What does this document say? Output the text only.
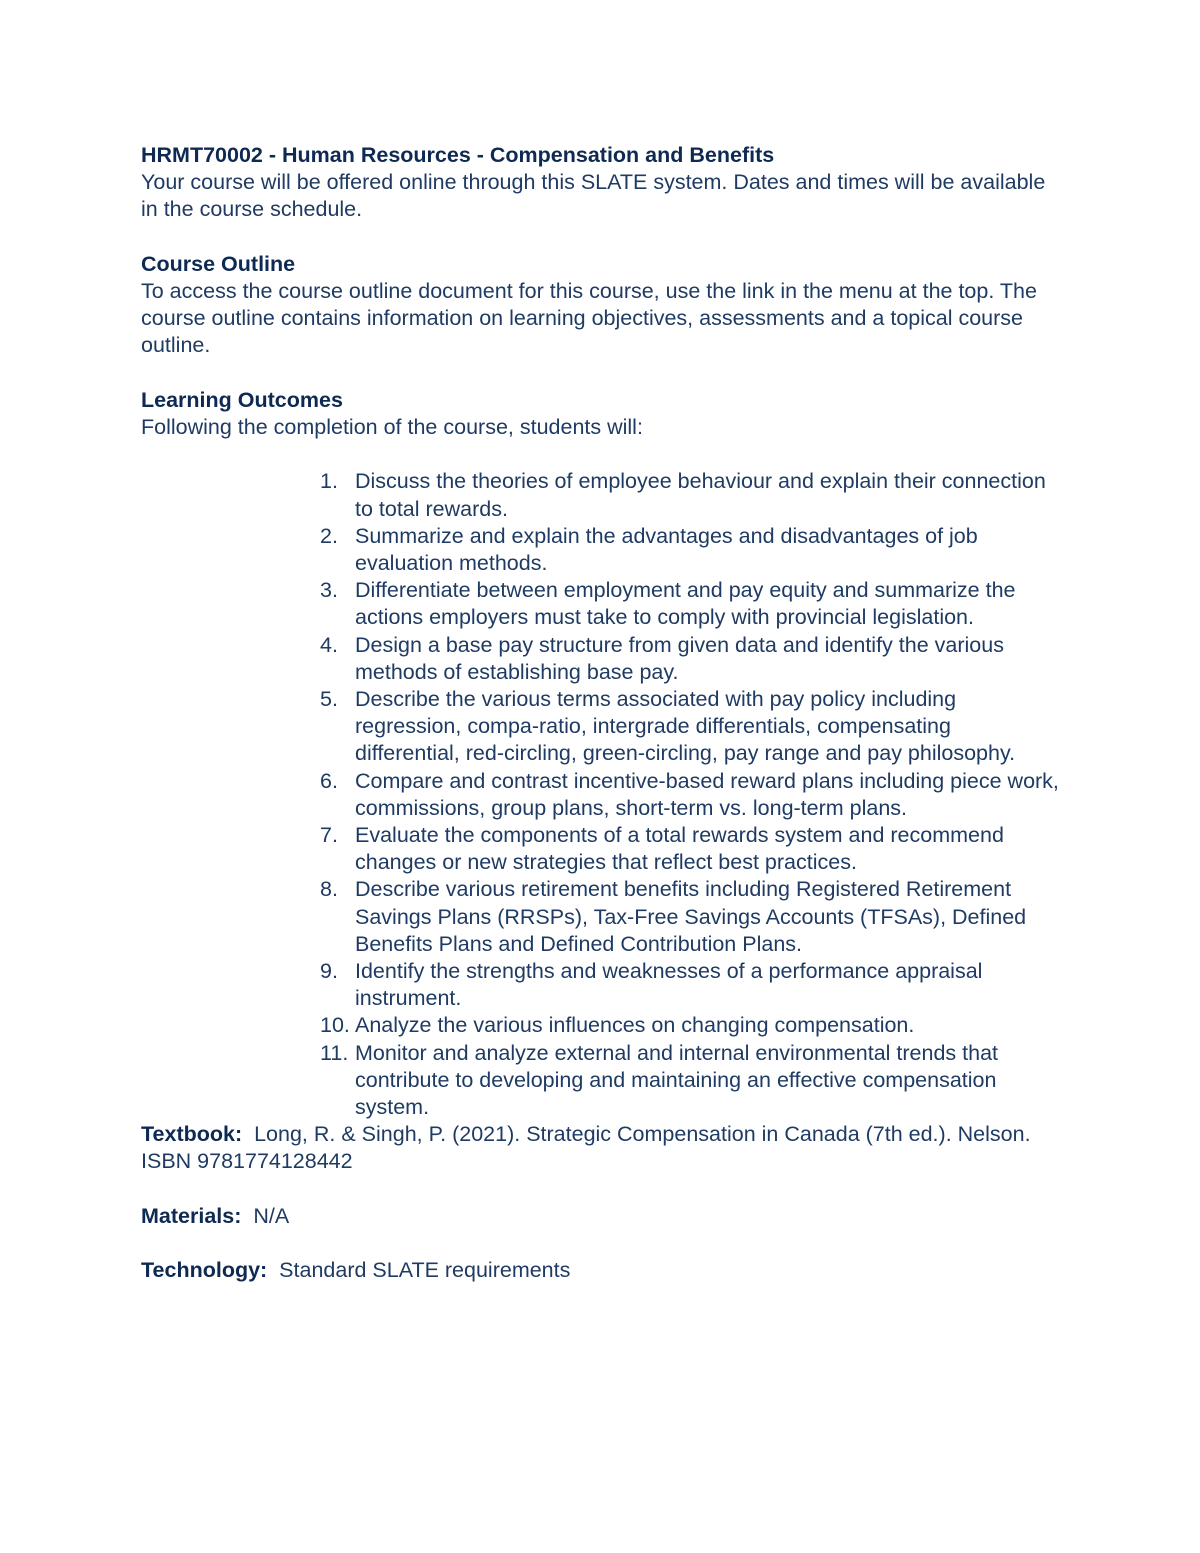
HRMT70002 - Human Resources - Compensation and Benefits

Your course will be offered online through this SLATE system. Dates and times will be available in the course schedule.

Course Outline

To access the course outline document for this course, use the link in the menu at the top. The course outline contains information on learning objectives, assessments and a topical course outline.

Learning Outcomes

Following the completion of the course, students will:

1. Discuss the theories of employee behaviour and explain their connection to total rewards.
2. Summarize and explain the advantages and disadvantages of job evaluation methods.
3. Differentiate between employment and pay equity and summarize the actions employers must take to comply with provincial legislation.
4. Design a base pay structure from given data and identify the various methods of establishing base pay.
5. Describe the various terms associated with pay policy including regression, compa-ratio, intergrade differentials, compensating differential, red-circling, green-circling, pay range and pay philosophy.
6. Compare and contrast incentive-based reward plans including piece work, commissions, group plans, short-term vs. long-term plans.
7. Evaluate the components of a total rewards system and recommend changes or new strategies that reflect best practices.
8. Describe various retirement benefits including Registered Retirement Savings Plans (RRSPs), Tax-Free Savings Accounts (TFSAs), Defined Benefits Plans and Defined Contribution Plans.
9. Identify the strengths and weaknesses of a performance appraisal instrument.
10. Analyze the various influences on changing compensation.
11. Monitor and analyze external and internal environmental trends that contribute to developing and maintaining an effective compensation system.

Textbook: Long, R. & Singh, P. (2021). Strategic Compensation in Canada (7th ed.). Nelson. ISBN 9781774128442

Materials: N/A

Technology: Standard SLATE requirements
